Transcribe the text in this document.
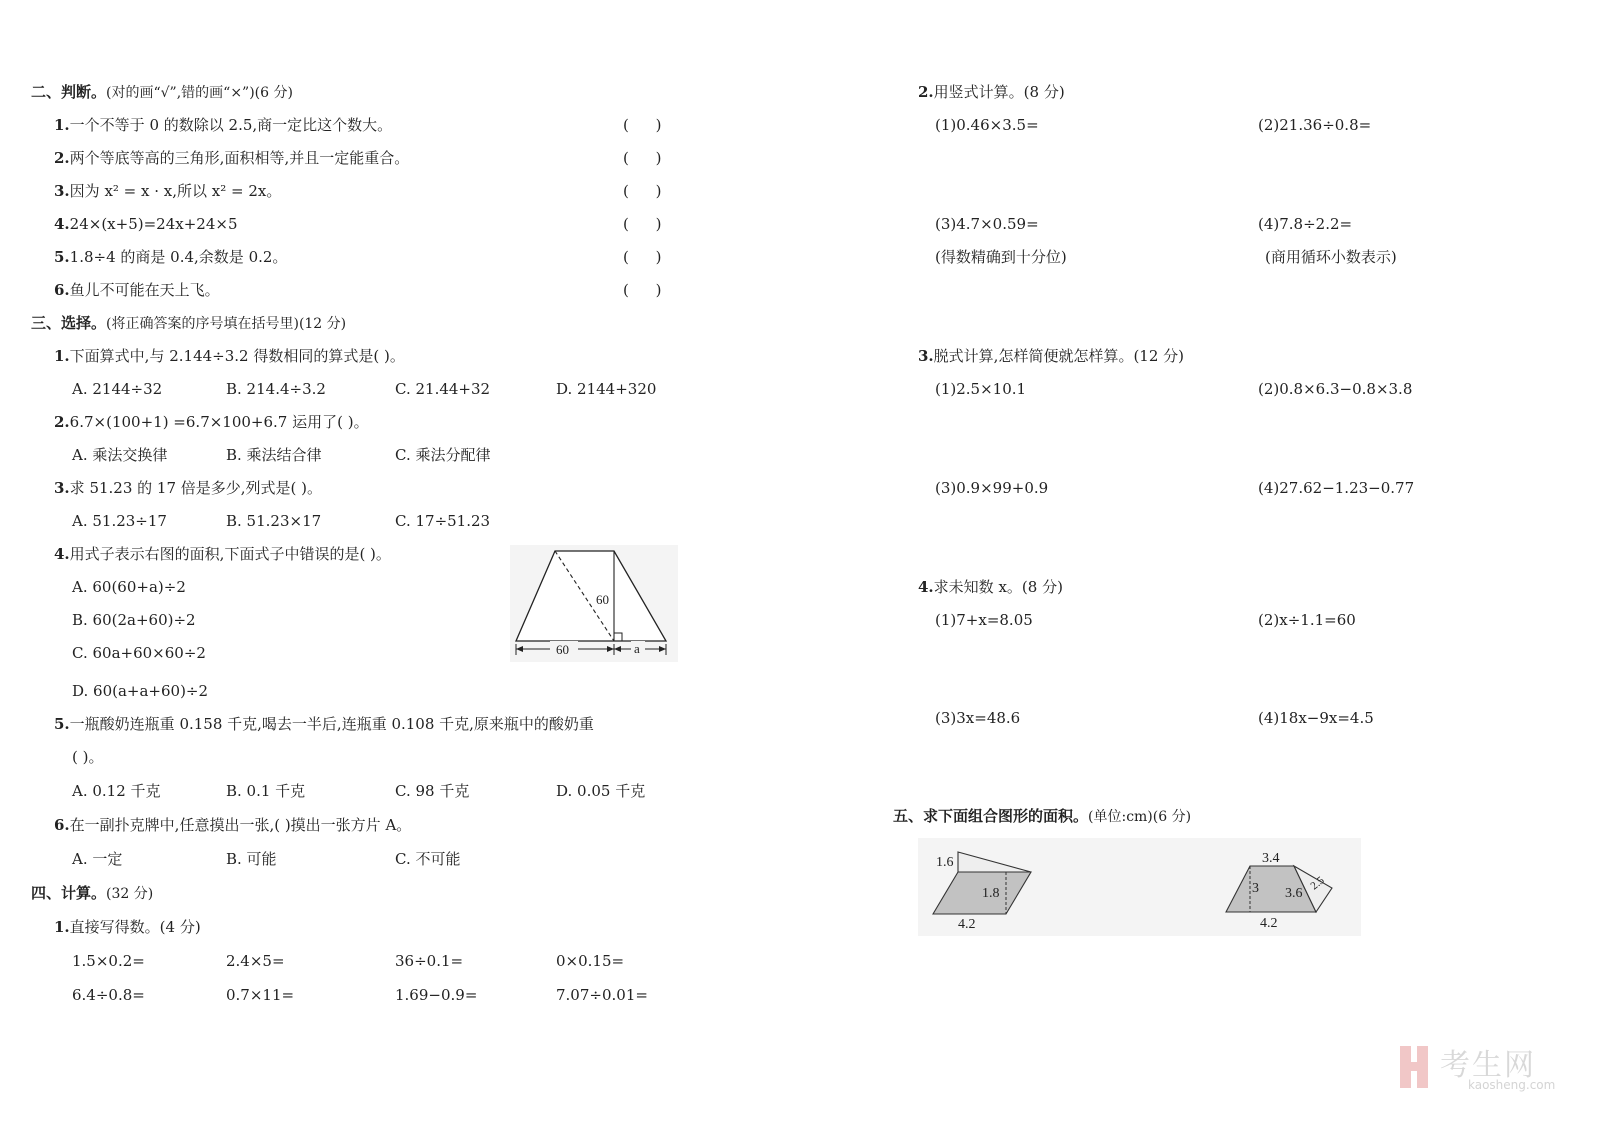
二、判断。(对的画“√”,错的画“×”)(6 分)
1.一个不等于 0 的数除以 2.5,商一定比这个数大。	( )
2.两个等底等高的三角形,面积相等,并且一定能重合。	( )
3.因为 x² = x · x,所以 x² = 2x。	( )
4.24×(x+5)=24x+24×5	( )
5.1.8÷4 的商是 0.4,余数是 0.2。	( )
6.鱼儿不可能在天上飞。	( )
三、选择。(将正确答案的序号填在括号里)(12 分)
1.下面算式中,与 2.144÷3.2 得数相同的算式是( )。
A. 2144÷32	B. 214.4÷3.2	C. 21.44+32	D. 2144+320
2.6.7×(100+1) =6.7×100+6.7 运用了( )。
A. 乘法交换律	B. 乘法结合律	C. 乘法分配律
3.求 51.23 的 17 倍是多少,列式是( )。
A. 51.23÷17	B. 51.23×17	C. 17÷51.23
4.用式子表示右图的面积,下面式子中错误的是( )。
A. 60(60+a)÷2
B. 60(2a+60)÷2
C. 60a+60×60÷2
D. 60(a+a+60)÷2
60
60	a
5.一瓶酸奶连瓶重 0.158 千克,喝去一半后,连瓶重 0.108 千克,原来瓶中的酸奶重
( )。
A. 0.12 千克	B. 0.1 千克	C. 98 千克	D. 0.05 千克
6.在一副扑克牌中,任意摸出一张,( )摸出一张方片 A。
A. 一定	B. 可能	C. 不可能
四、计算。(32 分)
1.直接写得数。(4 分)
1.5×0.2=	2.4×5=	36÷0.1=	0×0.15=
6.4÷0.8=	0.7×11=	1.69−0.9=	7.07÷0.01=
2.用竖式计算。(8 分)
(1)0.46×3.5=	(2)21.36÷0.8=
(3)4.7×0.59=	(4)7.8÷2.2=
(得数精确到十分位)	(商用循环小数表示)
3.脱式计算,怎样简便就怎样算。(12 分)
(1)2.5×10.1	(2)0.8×6.3−0.8×3.8
(3)0.9×99+0.9	(4)27.62−1.23−0.77
4.求未知数 x。(8 分)
(1)7+x=8.05	(2)x÷1.1=60
(3)3x=48.6	(4)18x−9x=4.5
五、求下面组合图形的面积。(单位:cm)(6 分)
1.6
1.8
4.2
3.4
3 3.6
2.5
4.2
考生网
kaosheng.com
